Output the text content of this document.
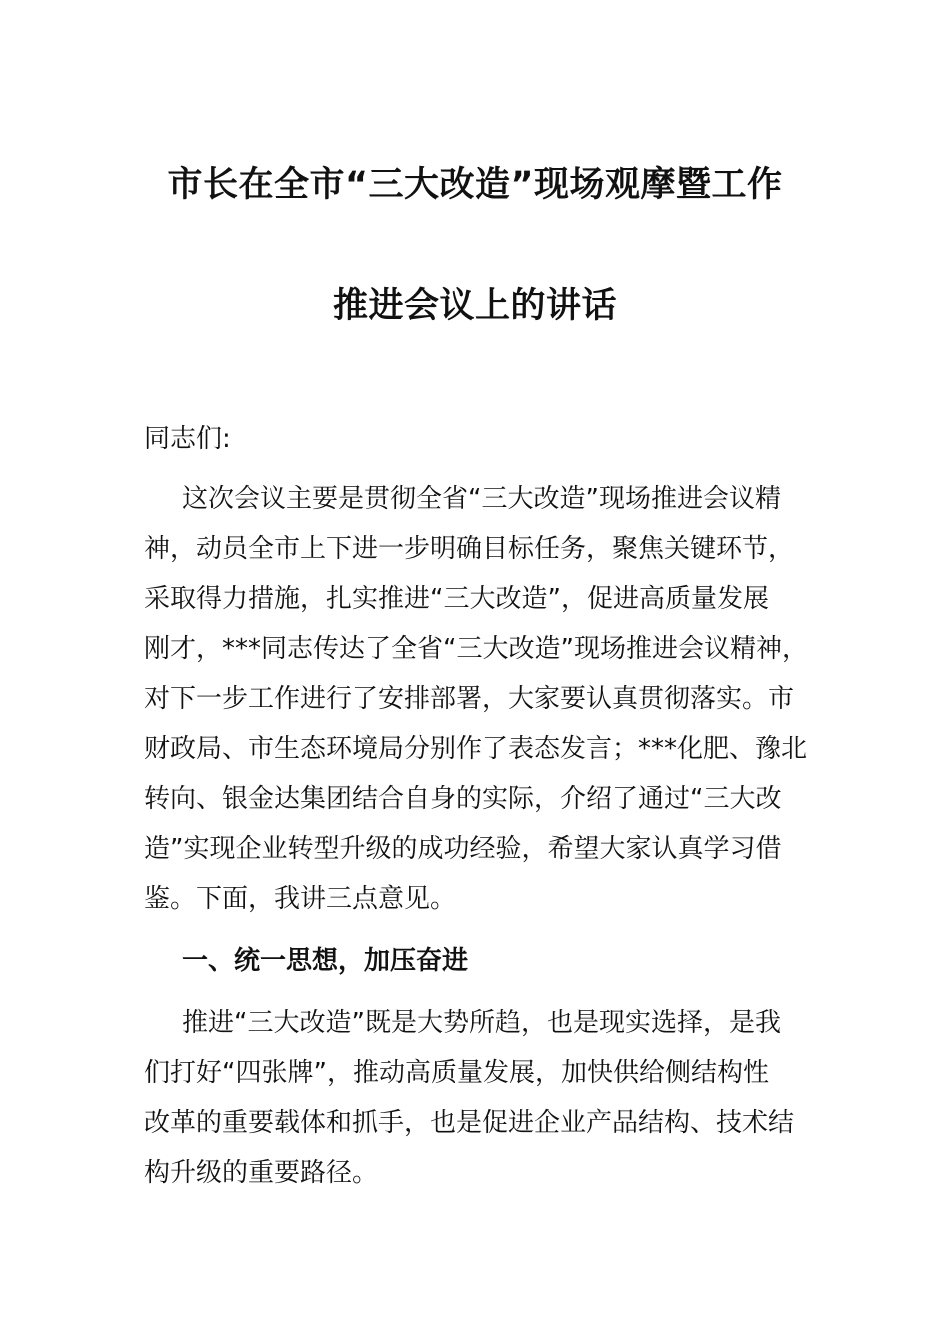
市长在全市“三大改造”现场观摩暨工作
推进会议上的讲话
同志们:
这次会议主要是贯彻全省“三大改造”现场推进会议精
神，动员全市上下进一步明确目标任务，聚焦关键环节，
采取得力措施，扎实推进“三大改造”，促进高质量发展
刚才，***同志传达了全省“三大改造”现场推进会议精神，
对下一步工作进行了安排部署，大家要认真贯彻落实。市
财政局、市生态环境局分别作了表态发言；***化肥、豫北
转向、银金达集团结合自身的实际，介绍了通过“三大改
造”实现企业转型升级的成功经验，希望大家认真学习借
鉴。下面，我讲三点意见。
一、统一思想，加压奋进
推进“三大改造”既是大势所趋，也是现实选择，是我
们打好“四张牌”，推动高质量发展，加快供给侧结构性
改革的重要载体和抓手，也是促进企业产品结构、技术结
构升级的重要路径。
